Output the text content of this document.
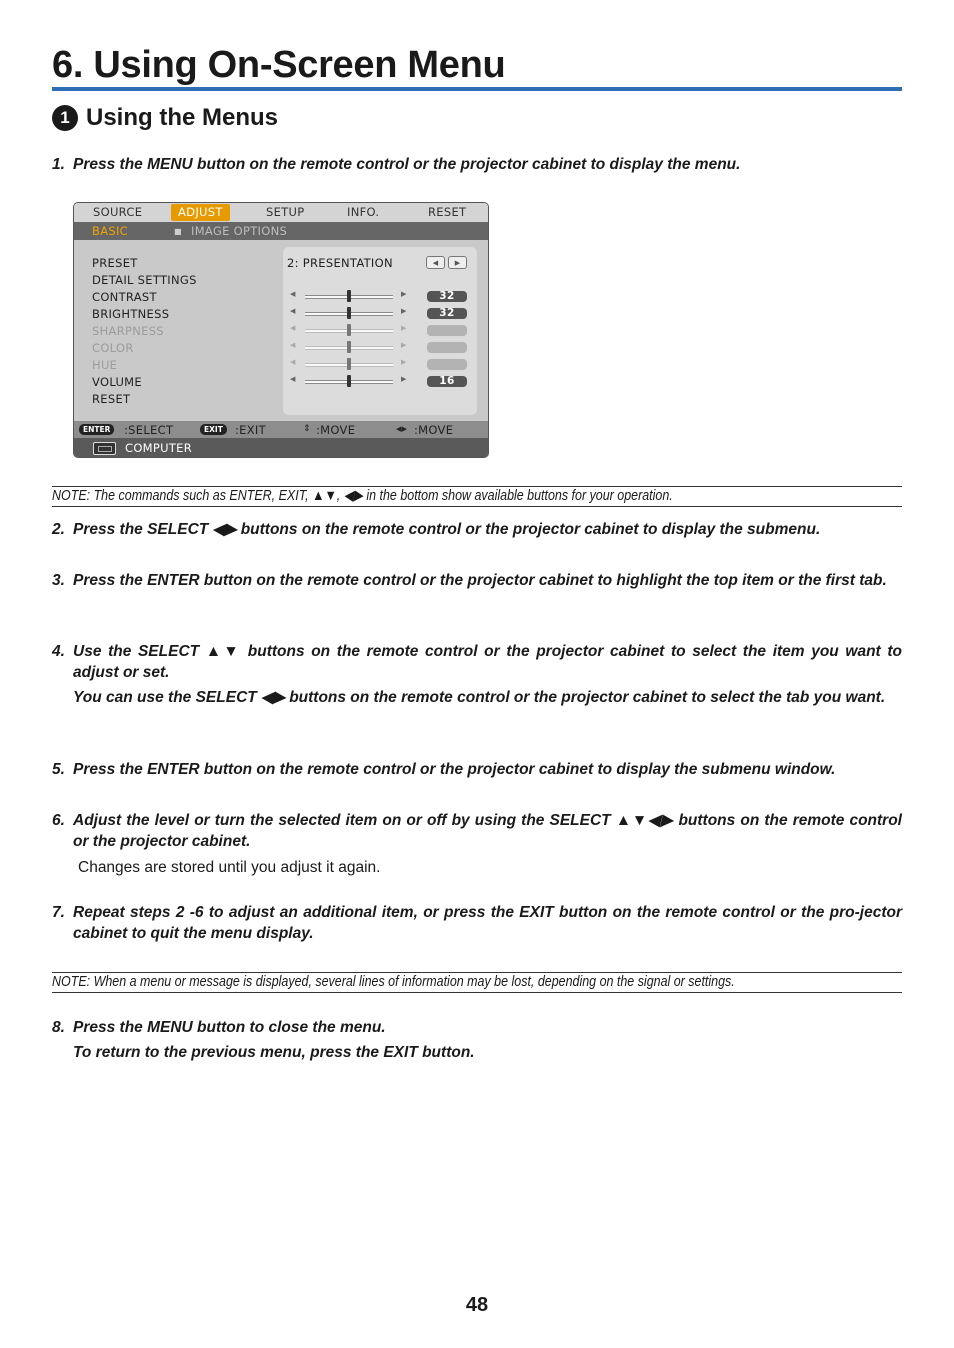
6. Using On-Screen Menu
1 Using the Menus
1. Press the MENU button on the remote control or the projector cabinet to display the menu.
SOURCE	ADJUST	SETUP	INFO.	RESET
BASIC	■ IMAGE OPTIONS
PRESET
DETAIL SETTINGS
CONTRAST
BRIGHTNESS
SHARPNESS
COLOR
HUE
VOLUME
RESET
2: PRESENTATION	◀	▶
◀	▶	32
◀	▶	32
◀	▶
◀	▶
◀	▶
◀	▶	16
ENTER	:SELECT	EXIT	:EXIT	⇕ :MOVE	◀▶ :MOVE
COMPUTER
NOTE: The commands such as ENTER, EXIT, ▲▼, ◀▶ in the bottom show available buttons for your operation.
2. Press the SELECT ◀▶ buttons on the remote control or the projector cabinet to display the submenu.
3. Press the ENTER button on the remote control or the projector cabinet to highlight the top item or the first tab.
4. Use the SELECT ▲▼ buttons on the remote control or the projector cabinet to select the item you want to adjust or set.
You can use the SELECT ◀▶ buttons on the remote control or the projector cabinet to select the tab you want.
5. Press the ENTER button on the remote control or the projector cabinet to display the submenu window.
6. Adjust the level or turn the selected item on or off by using the SELECT ▲▼◀▶ buttons on the remote control or the projector cabinet.
Changes are stored until you adjust it again.
7. Repeat steps 2 -6 to adjust an additional item, or press the EXIT button on the remote control or the pro-jector cabinet to quit the menu display.
NOTE: When a menu or message is displayed, several lines of information may be lost, depending on the signal or settings.
8. Press the MENU button to close the menu.
To return to the previous menu, press the EXIT button.
48
